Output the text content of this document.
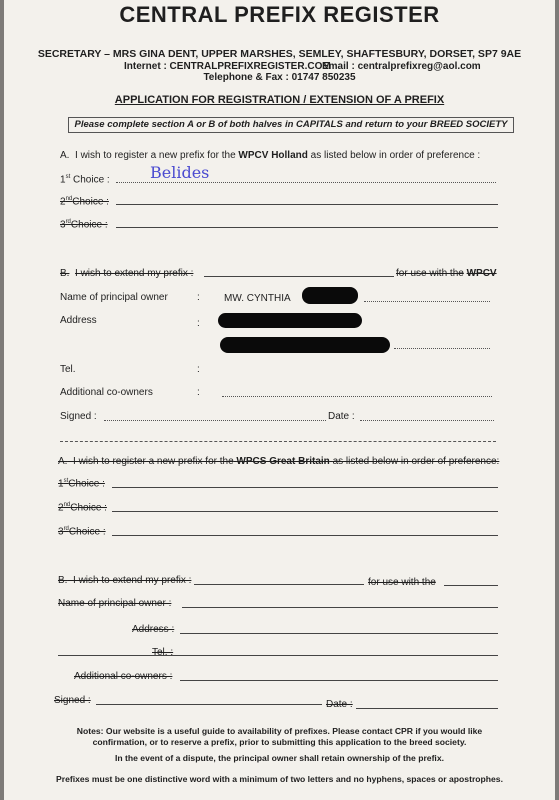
CENTRAL PREFIX REGISTER
SECRETARY – MRS GINA DENT, UPPER MARSHES, SEMLEY, SHAFTESBURY, DORSET, SP7 9AE
Internet : CENTRALPREFIXREGISTER.COM
Email : centralprefixreg@aol.com
Telephone & Fax : 01747 850235
APPLICATION FOR REGISTRATION / EXTENSION OF A PREFIX
Please complete section A or B of both halves in CAPITALS and return to your BREED SOCIETY
A. I wish to register a new prefix for the WPCV Holland as listed below in order of preference :
1st Choice :	Belides
2ndChoice :
3rdChoice :
B. I wish to extend my prefix :	for use with the WPCV
Name of principal owner	: MW. CYNTHIA
Address	:
Tel.	:
Additional co-owners	:
Signed :	Date :
A. I wish to register a new prefix for the WPCS Great Britain as listed below in order of preference:
1stChoice :
2ndChoice :
3rdChoice :
B. I wish to extend my prefix :	for use with the
Name of principal owner :
Address :
Tel. :
Additional co-owners :
Signed :	Date :
Notes: Our website is a useful guide to availability of prefixes. Please contact CPR if you would like
confirmation, or to reserve a prefix, prior to submitting this application to the breed society.
In the event of a dispute, the principal owner shall retain ownership of the prefix.
Prefixes must be one distinctive word with a minimum of two letters and no hyphens, spaces or apostrophes.
